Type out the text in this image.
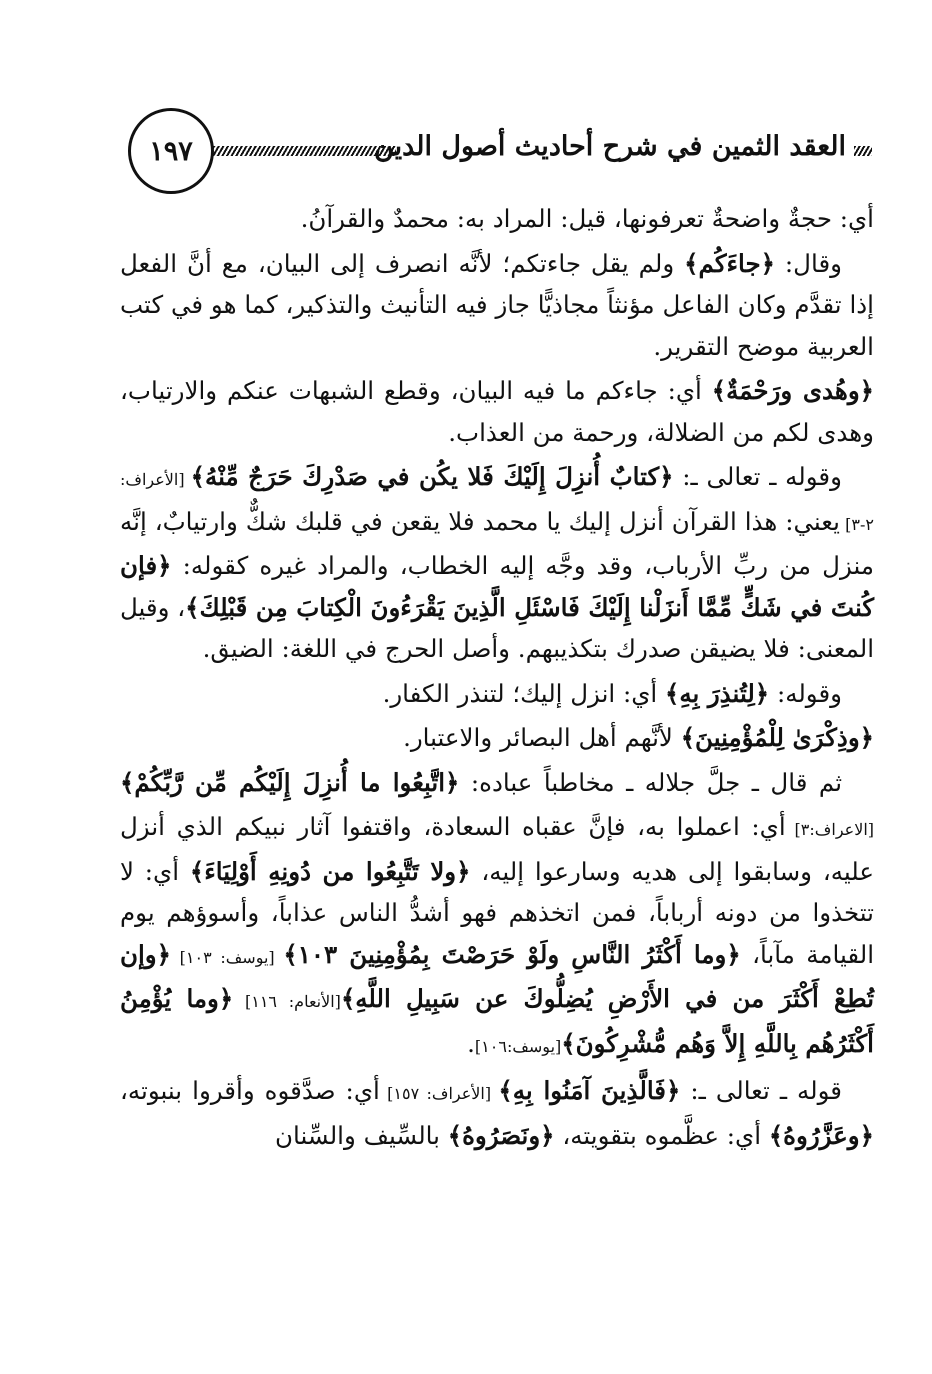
١٩٧	العقد الثمين في شرح أحاديث أصول الدين

أي: حجةٌ واضحةٌ تعرفونها، قيل: المراد به: محمدٌ والقرآنُ.

وقال: ﴿جاءَكُم﴾ ولم يقل جاءتكم؛ لأنَّه انصرف إلى البيان، مع أنَّ الفعل إذا تقدَّم وكان الفاعل مؤنثاً مجاذيًّا جاز فيه التأنيث والتذكير، كما هو في كتب العربية موضح التقرير.

﴿وهُدى ورَحْمَةٌ﴾ أي: جاءكم ما فيه البيان، وقطع الشبهات عنكم والارتياب، وهدى لكم من الضلالة، ورحمة من العذاب.

وقوله ـ تعالى ـ: ﴿كتابٌ أُنزِلَ إِلَيْكَ فَلا يكُن في صَدْرِكَ حَرَجٌ مِّنْهُ﴾ [الأعراف: ٢-٣] يعني: هذا القرآن أنزل إليك يا محمد فلا يقعن في قلبك شكٌّ وارتيابٌ، إنَّه منزل من ربِّ الأرباب، وقد وجَّه إليه الخطاب، والمراد غيره كقوله: ﴿فإن كُنتَ في شَكٍّ مِّمَّا أَنزَلْنا إِلَيْكَ فَاسْئَلِ الَّذِينَ يَقْرَءُونَ الْكِتابَ مِن قَبْلِكَ﴾، وقيل المعنى: فلا يضيقن صدرك بتكذيبهم. وأصل الحرج في اللغة: الضيق.

وقوله: ﴿لِتُنذِرَ بِهِ﴾ أي: انزل إليك؛ لتنذر الكفار.

﴿وذِكْرَىٰ لِلْمُؤْمِنِينَ﴾ لأنَّهم أهل البصائر والاعتبار.

ثم قال ـ جلَّ جلاله ـ مخاطباً عباده: ﴿اتَّبِعُوا ما أُنزِلَ إِلَيْكُم مِّن رَّبِّكُمْ﴾ [الاعراف:٣] أي: اعملوا به، فإنَّ عقباه السعادة، واقتفوا آثار نبيكم الذي أنزل عليه، وسابقوا إلى هديه وسارعوا إليه، ﴿ولا تَتَّبِعُوا من دُونِهِ أَوْلِيَاءَ﴾ أي: لا تتخذوا من دونه أرباباً، فمن اتخذهم فهو أشدُّ الناس عذاباً، وأسوؤهم يوم القيامة مآباً، ﴿وما أَكْثَرُ النَّاسِ ولَوْ حَرَصْتَ بِمُؤْمِنِينَ ١٠٣﴾ [يوسف: ١٠٣] ﴿وإن تُطِعْ أَكْثَرَ من في الأَرْضِ يُضِلُّوكَ عن سَبِيلِ اللَّهِ﴾[الأنعام: ١١٦] ﴿وما يُؤْمِنُ أَكْثَرُهُم بِاللَّهِ إِلاَّ وَهُم مُّشْرِكُونَ﴾[يوسف:١٠٦].

قوله ـ تعالى ـ: ﴿فَالَّذِينَ آمَنُوا بِهِ﴾ [الأعراف: ١٥٧] أي: صدَّقوه وأقروا بنبوته، ﴿وعَزَّرُوهُ﴾ أي: عظَّموه بتقويته، ﴿ونَصَرُوهُ﴾ بالسِّيف والسِّنان
